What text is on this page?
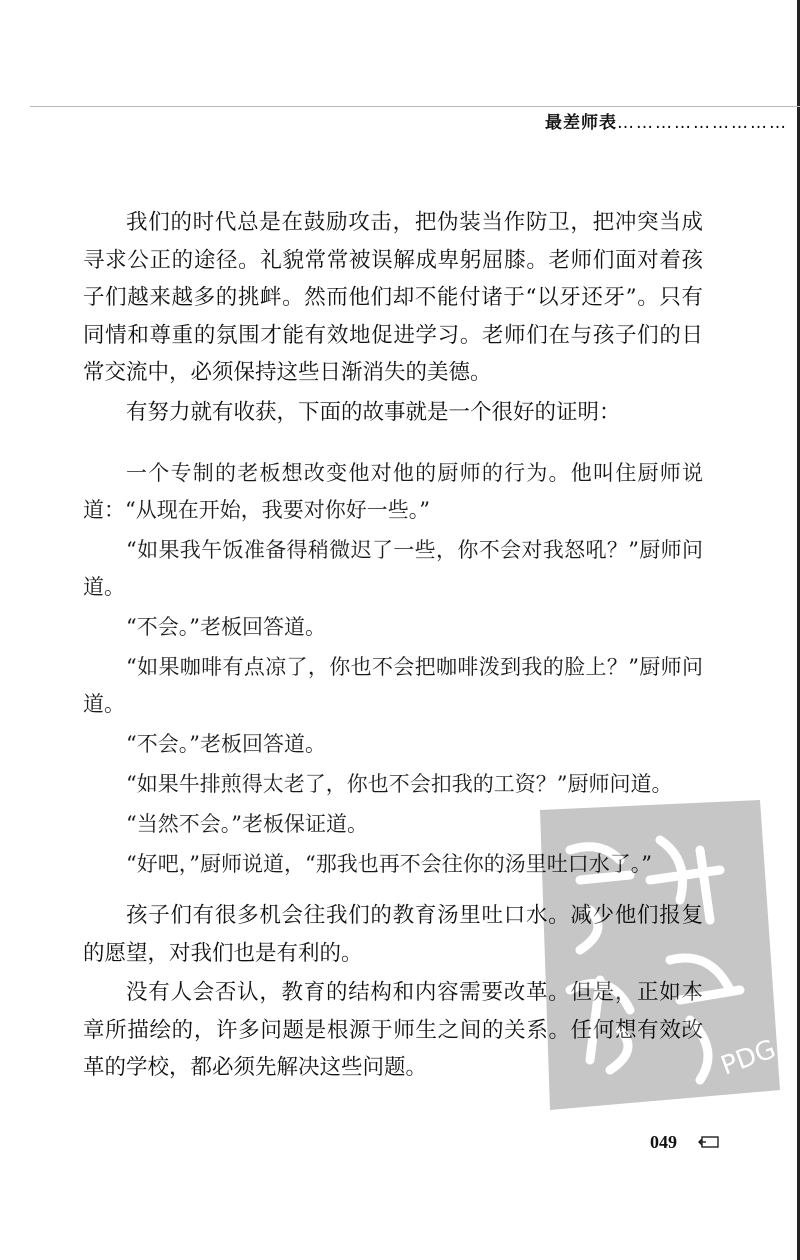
最差师表………………………

我们的时代总是在鼓励攻击，把伪装当作防卫，把冲突当成寻求公正的途径。礼貌常常被误解成卑躬屈膝。老师们面对着孩子们越来越多的挑衅。然而他们却不能付诸于“以牙还牙”。只有同情和尊重的氛围才能有效地促进学习。老师们在与孩子们的日常交流中，必须保持这些日渐消失的美德。

有努力就有收获，下面的故事就是一个很好的证明：

一个专制的老板想改变他对他的厨师的行为。他叫住厨师说道：“从现在开始，我要对你好一些。”

“如果我午饭准备得稍微迟了一些，你不会对我怒吼？”厨师问道。

“不会。”老板回答道。

“如果咖啡有点凉了，你也不会把咖啡泼到我的脸上？”厨师问道。

“不会。”老板回答道。

“如果牛排煎得太老了，你也不会扣我的工资？”厨师问道。

“当然不会。”老板保证道。

“好吧，”厨师说道，“那我也再不会往你的汤里吐口水了。”

孩子们有很多机会往我们的教育汤里吐口水。减少他们报复的愿望，对我们也是有利的。

没有人会否认，教育的结构和内容需要改革。但是，正如本章所描绘的，许多问题是根源于师生之间的关系。任何想有效改革的学校，都必须先解决这些问题。	PDG
049
